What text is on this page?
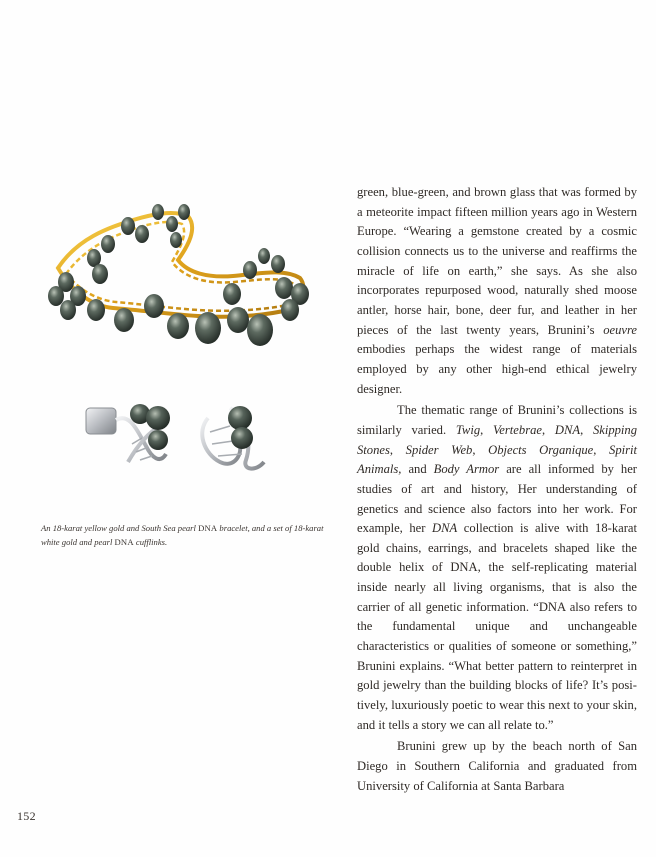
An 18-karat yellow gold and South Sea pearl DNA bracelet, and a set of 18-karat white gold and pearl DNA cufflinks.

green, blue-green, and brown glass that was formed by a meteorite impact fifteen million years ago in Western Europe. “Wearing a gemstone created by a cosmic collision connects us to the universe and reaffirms the miracle of life on earth,” she says. As she also incorporates repurposed wood, naturally shed moose antler, horse hair, bone, deer fur, and leather in her pieces of the last twenty years, Brunini’s oeuvre embodies perhaps the widest range of materials employed by any other high-end ethical jewelry designer.

The thematic range of Brunini’s collections is similarly varied. Twig, Vertebrae, DNA, Skipping Stones, Spider Web, Objects Organique, Spirit Animals, and Body Armor are all informed by her studies of art and history, Her understanding of genetics and science also factors into her work. For example, her DNA collection is alive with 18-karat gold chains, earrings, and bracelets shaped like the double helix of DNA, the self-replicating material inside nearly all living organisms, that is also the carrier of all genetic information. “DNA also refers to the fundamental unique and unchangeable characteristics or qualities of someone or something,” Brunini explains. “What better pattern to reinterpret in gold jewelry than the building blocks of life? It’s positively, luxuriously poetic to wear this next to your skin, and it tells a story we can all relate to.”

Brunini grew up by the beach north of San Diego in Southern California and graduated from University of California at Santa Barbara

152
